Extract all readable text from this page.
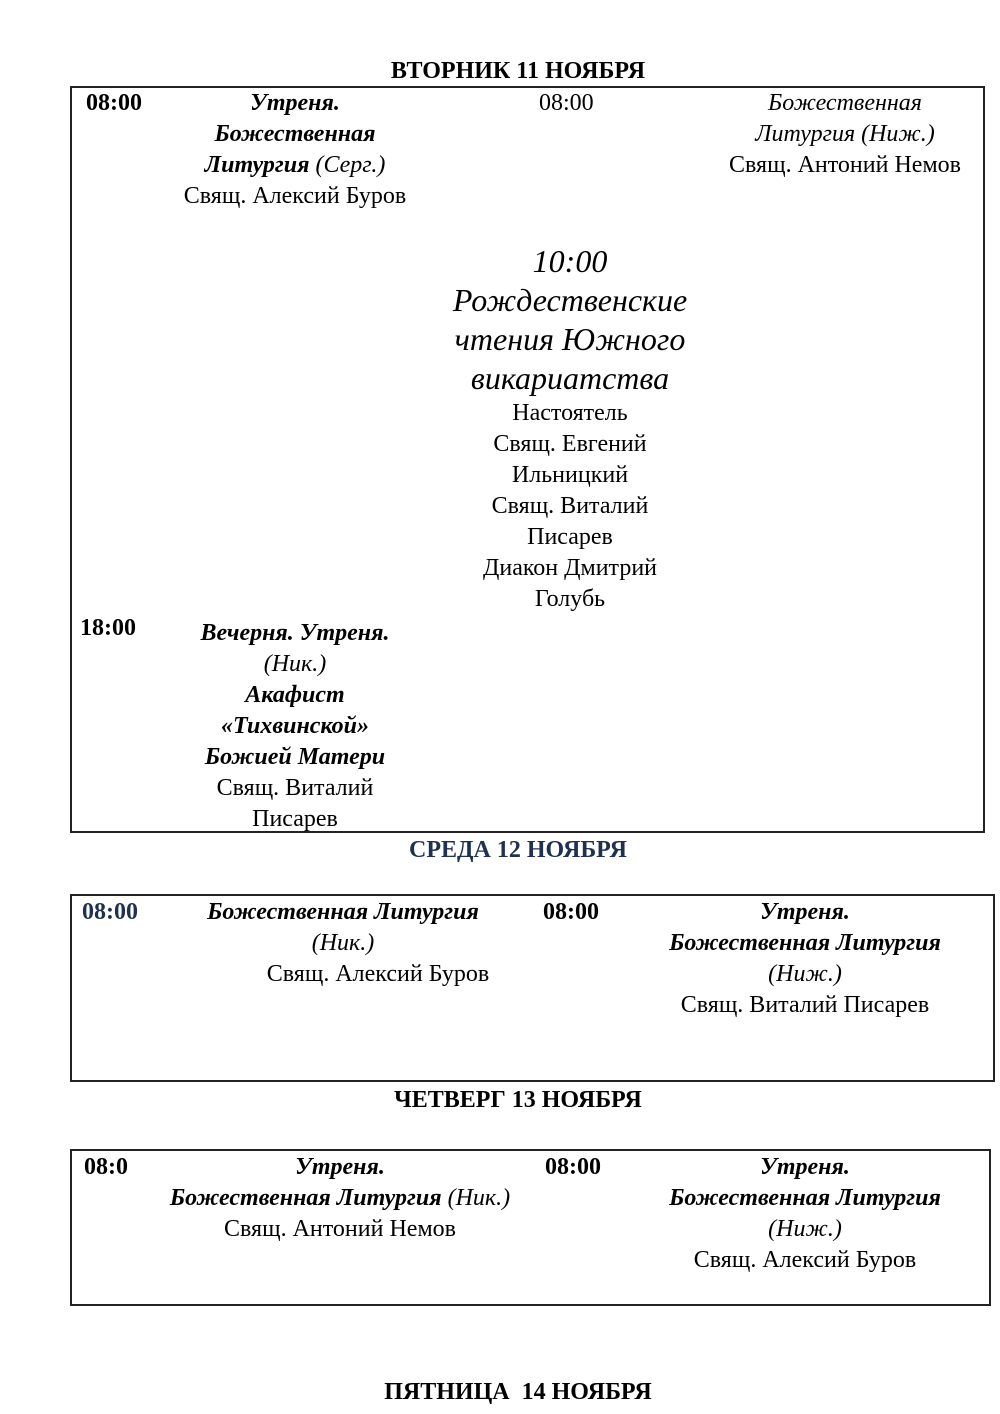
ВТОРНИК 11 НОЯБРЯ
08:00	Утреня.
Божественная
Литургия (Серг.)
Свящ. Алексий Буров
08:00	Божественная
Литургия (Ниж.)
Свящ. Антоний Немов
10:00
Рождественские
чтения Южного
викариатства
Настоятель
Свящ. Евгений
Ильницкий
Свящ. Виталий
Писарев
Диакон Дмитрий
Голубь
18:00	Вечерня. Утреня.
(Ник.)
Акафист
«Тихвинской»
Божией Матери
Свящ. Виталий
Писарев
СРЕДА 12 НОЯБРЯ
08:00	Божественная Литургия
(Ник.)
Свящ. Алексий Буров
08:00	Утреня.
Божественная Литургия
(Ниж.)
Свящ. Виталий Писарев
ЧЕТВЕРГ 13 НОЯБРЯ
08:0	Утреня.
Божественная Литургия (Ник.)
Свящ. Антоний Немов
08:00	Утреня.
Божественная Литургия
(Ниж.)
Свящ. Алексий Буров
ПЯТНИЦА  14 НОЯБРЯ
